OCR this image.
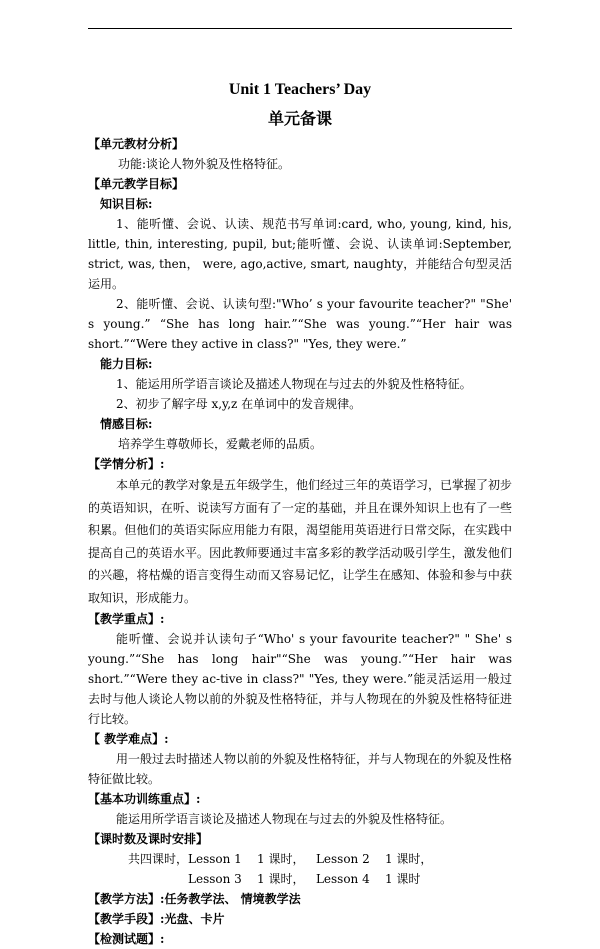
Unit 1 Teachers’ Day
单元备课

【单元教材分析】

功能:谈论人物外貌及性格特征。

【单元教学目标】

知识目标:

1、能听懂、会说、认读、规范书写单词:card, who, young, kind, his, little, thin, interesting, pupil, but;能听懂、会说、认读单词:September, strict, was, then， were, ago,active, smart, naughty，并能结合句型灵活运用。

2、能听懂、会说、认读句型:"Who’ s your favourite teacher?" "She' s young.” “She has long hair.”“She was young.”“Her hair was short.”“Were they active in class?" "Yes, they were.”

能力目标:

1、能运用所学语言谈论及描述人物现在与过去的外貌及性格特征。

2、初步了解字母 x,y,z 在单词中的发音规律。

情感目标:

培养学生尊敬师长，爱戴老师的品质。

【学情分析】:

本单元的教学对象是五年级学生，他们经过三年的英语学习，已掌握了初步的英语知识，在听、说读写方面有了一定的基础，并且在课外知识上也有了一些积累。但他们的英语实际应用能力有限，渴望能用英语进行日常交际，在实践中提高自己的英语水平。因此教师要通过丰富多彩的教学活动吸引学生，激发他们的兴趣，将枯燥的语言变得生动而又容易记忆，让学生在感知、体验和参与中获取知识，形成能力。

【教学重点】:

能听懂、会说并认读句子“Who' s your favourite teacher?" " She' s young.”“She has long hair"“She was young.”“Her hair was short.”“Were they ac-tive in class?" "Yes, they were.”能灵活运用一般过去时与他人谈论人物以前的外貌及性格特征，并与人物现在的外貌及性格特征进行比较。

【 教学难点】:

用一般过去时描述人物以前的外貌及性格特征，并与人物现在的外貌及性格特征做比较。

【基本功训练重点】:

能运用所学语言谈论及描述人物现在与过去的外貌及性格特征。

【课时数及课时安排】

共四课时，Lesson 1    1 课时，   Lesson 2    1 课时，

Lesson 3    1 课时，   Lesson 4    1 课时

【教学方法】:任务教学法、 情境教学法

【教学手段】:光盘、卡片

【检测试题】:
